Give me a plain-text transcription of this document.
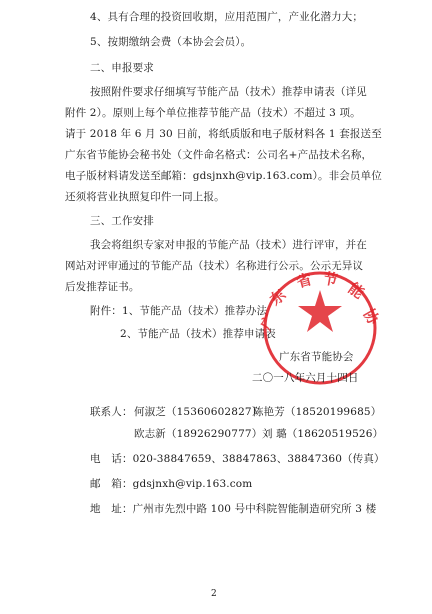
4、具有合理的投资回收期，应用范围广，产业化潜力大；
5、按期缴纳会费（本协会会员）。
二、申报要求
按照附件要求仔细填写节能产品（技术）推荐申请表（详见
附件 2）。原则上每个单位推荐节能产品（技术）不超过 3 项。
请于 2018 年 6 月 30 日前，将纸质版和电子版材料各 1 套报送至
广东省节能协会秘书处（文件命名格式：公司名+产品技术名称，
电子版材料请发送至邮箱：gdsjnxh@vip.163.com）。非会员单位
还须将营业执照复印件一同上报。
三、工作安排
我会将组织专家对申报的节能产品（技术）进行评审，并在
网站对评审通过的节能产品（技术）名称进行公示。公示无异议
后发推荐证书。
附件：1、节能产品（技术）推荐办法
2、节能产品（技术）推荐申请表
广
东
省 节 能
协
广东省节能协会
二〇一八年六月十四日
联系人： 何淑芝（15360602827）
陈艳芳（18520199685）
欧志新（18926290777） 刘 璐（18620519526）
电　话：020-38847659、38847863、38847360（传真）
邮　箱：gdsjnxh@vip.163.com
地　址：广州市先烈中路 100 号中科院智能制造研究所 3 楼
2
